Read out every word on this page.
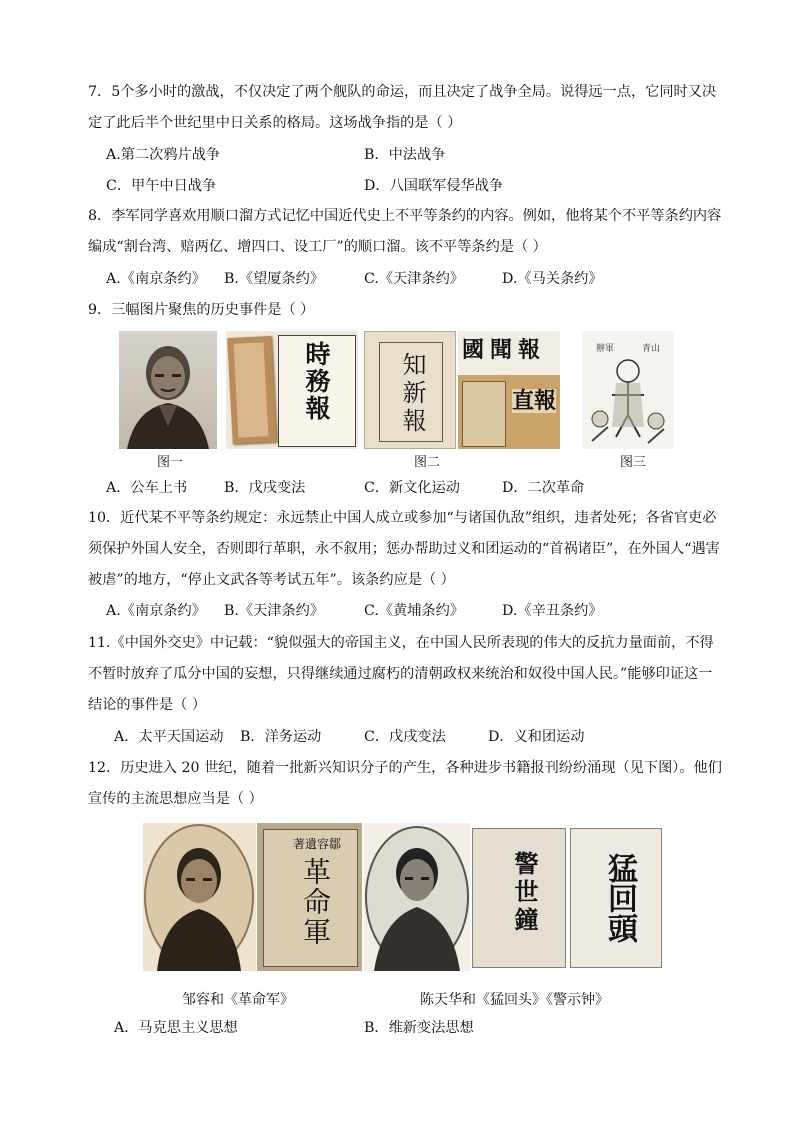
7．5个多小时的激战，不仅决定了两个舰队的命运，而且决定了战争全局。说得远一点，它同时又决
定了此后半个世纪里中日关系的格局。这场战争指的是（ ）
A.第二次鸦片战争	B．中法战争
C．甲午中日战争	D．八国联军侵华战争
8．李军同学喜欢用顺口溜方式记忆中国近代史上不平等条约的内容。例如，他将某个不平等条约内容
编成“割台湾、赔两亿、增四口、设工厂”的顺口溜。该不平等条约是（ ）
A.《南京条约》 B.《望厦条约》	C.《天津条约》	D.《马关条约》
9．三幅图片聚焦的历史事件是（ ）
時務報	知新報
報聞國
直報
青山
辦軍
图一	图二	图三
A．公车上书	B．戊戌变法	C．新文化运动	D．二次革命
10．近代某不平等条约规定：永远禁止中国人成立或参加“与诸国仇敌”组织，违者处死；各省官吏必
须保护外国人安全，否则即行革职，永不叙用；惩办帮助过义和团运动的“首祸诸臣”，在外国人“遇害
被虐”的地方，“停止文武各等考试五年”。该条约应是（ ）
A.《南京条约》 B.《天津条约》	C.《黄埔条约》	D.《辛丑条约》
11.《中国外交史》中记载：“貌似强大的帝国主义，在中国人民所表现的伟大的反抗力量面前，不得
不暂时放弃了瓜分中国的妄想，只得继续通过腐朽的清朝政权来统治和奴役中国人民。”能够印证这一
结论的事件是（ ）
A．太平天国运动 B．洋务运动	C．戊戌变法	D．义和团运动
12．历史进入 20 世纪，随着一批新兴知识分子的产生，各种进步书籍报刊纷纷涌现（见下图）。他们
宣传的主流思想应当是（ ）
鄒容遺著
革命軍	警世鐘 猛回頭
邹容和《革命军》	陈天华和《猛回头》《警示钟》
A．马克思主义思想	B．维新变法思想
